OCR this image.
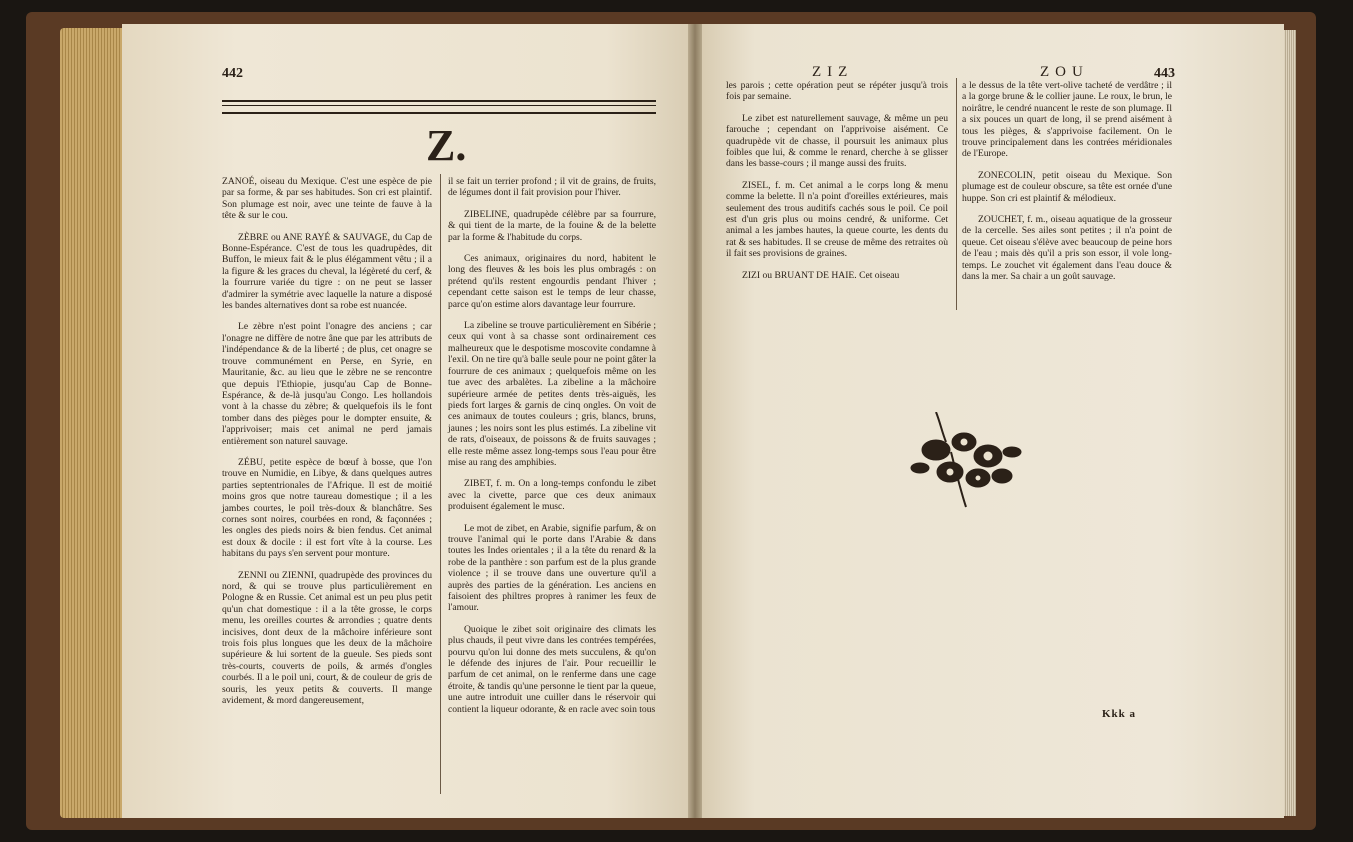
442
Z.

ZANOÉ, oiseau du Mexique. C'est une espèce de pie par sa forme, & par ses habitudes. Son cri est plaintif. Son plumage est noir, avec une teinte de fauve à la tête & sur le cou.

ZÈBRE ou ANE RAYÉ & SAUVAGE, du Cap de Bonne-Espérance. C'est de tous les quadrupèdes, dit Buffon, le mieux fait & le plus élégamment vêtu ; il a la figure & les graces du cheval, la légèreté du cerf, & la fourrure variée du tigre : on ne peut se lasser d'admirer la symétrie avec laquelle la nature a disposé les bandes alternatives dont sa robe est nuancée.

Le zèbre n'est point l'onagre des anciens ; car l'onagre ne diffère de notre âne que par les attributs de l'indépendance & de la liberté ; de plus, cet onagre se trouve communément en Perse, en Syrie, en Mauritanie, &c. au lieu que le zèbre ne se rencontre que depuis l'Ethiopie, jusqu'au Cap de Bonne-Espérance, & de-là jusqu'au Congo. Les hollandois vont à la chasse du zèbre; & quelquefois ils le font tomber dans des pièges pour le dompter ensuite, & l'apprivoiser; mais cet animal ne perd jamais entièrement son naturel sauvage.

ZÉBU, petite espèce de bœuf à bosse, que l'on trouve en Numidie, en Libye, & dans quelques autres parties septentrionales de l'Afrique. Il est de moitié moins gros que notre taureau domestique ; il a les jambes courtes, le poil très-doux & blanchâtre. Ses cornes sont noires, courbées en rond, & façonnées ; les ongles des pieds noirs & bien fendus. Cet animal est doux & docile : il est fort vîte à la course. Les habitans du pays s'en servent pour monture.

ZENNI ou ZIENNI, quadrupède des provinces du nord, & qui se trouve plus particulièrement en Pologne & en Russie. Cet animal est un peu plus petit qu'un chat domestique : il a la tête grosse, le corps menu, les oreilles courtes & arrondies ; quatre dents incisives, dont deux de la mâchoire inférieure sont trois fois plus longues que les deux de la mâchoire supérieure & lui sortent de la gueule. Ses pieds sont très-courts, couverts de poils, & armés d'ongles courbés. Il a le poil uni, court, & de couleur de gris de souris, les yeux petits & couverts. Il mange avidement, & mord dangereusement,

il se fait un terrier profond ; il vit de grains, de fruits, de légumes dont il fait provision pour l'hiver.

ZIBELINE, quadrupède célèbre par sa fourrure, & qui tient de la marte, de la fouine & de la belette par la forme & l'habitude du corps.

Ces animaux, originaires du nord, habitent le long des fleuves & les bois les plus ombragés : on prétend qu'ils restent engourdis pendant l'hiver ; cependant cette saison est le temps de leur chasse, parce qu'on estime alors davantage leur fourrure.

La zibeline se trouve particulièrement en Sibérie ; ceux qui vont à sa chasse sont ordinairement ces malheureux que le despotisme moscovite condamne à l'exil. On ne tire qu'à balle seule pour ne point gâter la fourrure de ces animaux ; quelquefois même on les tue avec des arbalètes. La zibeline a la mâchoire supérieure armée de petites dents très-aiguës, les pieds fort larges & garnis de cinq ongles. On voit de ces animaux de toutes couleurs ; gris, blancs, bruns, jaunes ; les noirs sont les plus estimés. La zibeline vit de rats, d'oiseaux, de poissons & de fruits sauvages ; elle reste même assez long-temps sous l'eau pour être mise au rang des amphibies.

ZIBET, f. m. On a long-temps confondu le zibet avec la civette, parce que ces deux animaux produisent également le musc.

Le mot de zibet, en Arabie, signifie parfum, & on trouve l'animal qui le porte dans l'Arabie & dans toutes les Indes orientales ; il a la tête du renard & la robe de la panthère : son parfum est de la plus grande violence ; il se trouve dans une ouverture qu'il a auprès des parties de la génération. Les anciens en faisoient des philtres propres à ranimer les feux de l'amour.

Quoique le zibet soit originaire des climats les plus chauds, il peut vivre dans les contrées tempérées, pourvu qu'on lui donne des mets succulens, & qu'on le défende des injures de l'air. Pour recueillir le parfum de cet animal, on le renferme dans une cage étroite, & tandis qu'une personne le tient par la queue, une autre introduit une cuiller dans le réservoir qui contient la liqueur odorante, & en racle avec soin tous

ZIZ	ZOU	443

les parois ; cette opération peut se répéter jusqu'à trois fois par semaine.

Le zibet est naturellement sauvage, & même un peu farouche ; cependant on l'apprivoise aisément. Ce quadrupède vit de chasse, il poursuit les animaux plus foibles que lui, & comme le renard, cherche à se glisser dans les basse-cours ; il mange aussi des fruits.

ZISEL, f. m. Cet animal a le corps long & menu comme la belette. Il n'a point d'oreilles extérieures, mais seulement des trous auditifs cachés sous le poil. Ce poil est d'un gris plus ou moins cendré, & uniforme. Cet animal a les jambes hautes, la queue courte, les dents du rat & ses habitudes. Il se creuse de même des retraites où il fait ses provisions de graines.

ZIZI ou BRUANT DE HAIE. Cet oiseau

a le dessus de la tête vert-olive tacheté de verdâtre ; il a la gorge brune & le collier jaune. Le roux, le brun, le noirâtre, le cendré nuancent le reste de son plumage. Il a six pouces un quart de long, il se prend aisément à tous les pièges, & s'apprivoise facilement. On le trouve principalement dans les contrées méridionales de l'Europe.

ZONECOLIN, petit oiseau du Mexique. Son plumage est de couleur obscure, sa tête est ornée d'une huppe. Son cri est plaintif & mélodieux.

ZOUCHET, f. m., oiseau aquatique de la grosseur de la cercelle. Ses ailes sont petites ; il n'a point de queue. Cet oiseau s'élève avec beaucoup de peine hors de l'eau ; mais dès qu'il a pris son essor, il vole long-temps. Le zouchet vit également dans l'eau douce & dans la mer. Sa chair a un goût sauvage.

Kkk a
